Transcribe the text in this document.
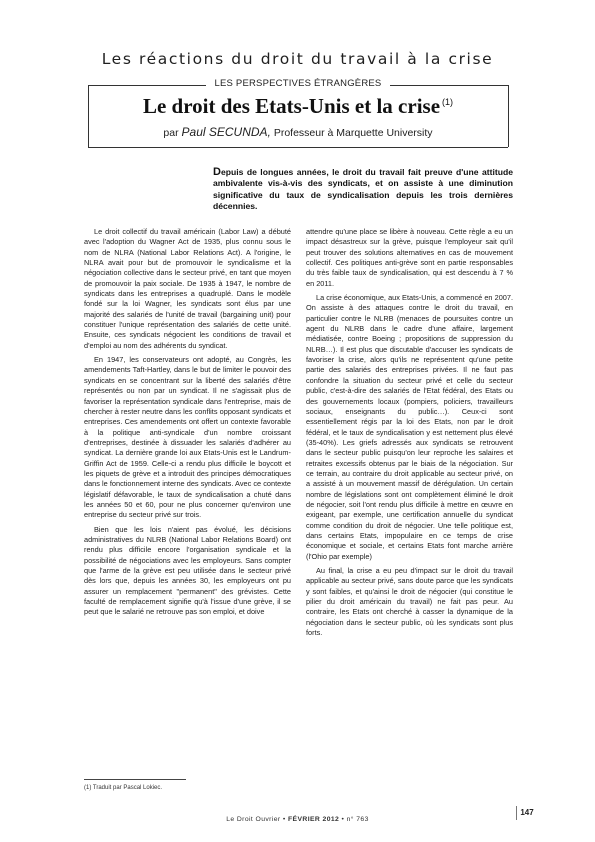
Les réactions du droit du travail à la crise
LES PERSPECTIVES ÉTRANGÈRES
Le droit des Etats-Unis et la crise $^{(1)}$
par Paul SECUNDA, Professeur à Marquette University
Depuis de longues années, le droit du travail fait preuve d'une attitude ambivalente vis-à-vis des syndicats, et on assiste à une diminution significative du taux de syndicalisation depuis les trois dernières décennies.

Le droit collectif du travail américain (Labor Law) a débuté avec l'adoption du Wagner Act de 1935, plus connu sous le nom de NLRA (National Labor Relations Act). A l'origine, le NLRA avait pour but de promouvoir le syndicalisme et la négociation collective dans le secteur privé, en tant que moyen de promouvoir la paix sociale. De 1935 à 1947, le nombre de syndicats dans les entreprises a quadruplé. Dans le modèle fondé sur la loi Wagner, les syndicats sont élus par une majorité des salariés de l'unité de travail (bargaining unit) pour constituer l'unique représentation des salariés de cette unité. Ensuite, ces syndicats négocient les conditions de travail et d'emploi au nom des adhérents du syndicat.

En 1947, les conservateurs ont adopté, au Congrès, les amendements Taft-Hartley, dans le but de limiter le pouvoir des syndicats en se concentrant sur la liberté des salariés d'être représentés ou non par un syndicat. Il ne s'agissait plus de favoriser la représentation syndicale dans l'entreprise, mais de chercher à rester neutre dans les conflits opposant syndicats et entreprises. Ces amendements ont offert un contexte favorable à la politique anti-syndicale d'un nombre croissant d'entreprises, destinée à dissuader les salariés d'adhérer au syndicat. La dernière grande loi aux Etats-Unis est le Landrum-Griffin Act de 1959. Celle-ci a rendu plus difficile le boycott et les piquets de grève et a introduit des principes démocratiques dans le fonctionnement interne des syndicats. Avec ce contexte législatif défavorable, le taux de syndicalisation a chuté dans les années 50 et 60, pour ne plus concerner qu'environ une entreprise du secteur privé sur trois.

Bien que les lois n'aient pas évolué, les décisions administratives du NLRB (National Labor Relations Board) ont rendu plus difficile encore l'organisation syndicale et la possibilité de négociations avec les employeurs. Sans compter que l'arme de la grève est peu utilisée dans le secteur privé dès lors que, depuis les années 30, les employeurs ont pu assurer un remplacement "permanent" des grévistes. Cette faculté de remplacement signifie qu'à l'issue d'une grève, il se peut que le salarié ne retrouve pas son emploi, et doive

attendre qu'une place se libère à nouveau. Cette règle a eu un impact désastreux sur la grève, puisque l'employeur sait qu'il peut trouver des solutions alternatives en cas de mouvement collectif. Ces politiques anti-grève sont en partie responsables du très faible taux de syndicalisation, qui est descendu à 7 % en 2011.

La crise économique, aux Etats-Unis, a commencé en 2007. On assiste à des attaques contre le droit du travail, en particulier contre le NLRB (menaces de poursuites contre un agent du NLRB dans le cadre d'une affaire, largement médiatisée, contre Boeing ; propositions de suppression du NLRB…). Il est plus que discutable d'accuser les syndicats de favoriser la crise, alors qu'ils ne représentent qu'une petite partie des salariés des entreprises privées. Il ne faut pas confondre la situation du secteur privé et celle du secteur public, c'est-à-dire des salariés de l'Etat fédéral, des Etats ou des gouvernements locaux (pompiers, policiers, travailleurs sociaux, enseignants du public…). Ceux-ci sont essentiellement régis par la loi des Etats, non par le droit fédéral, et le taux de syndicalisation y est nettement plus élevé (35-40%). Les griefs adressés aux syndicats se retrouvent dans le secteur public puisqu'on leur reproche les salaires et retraites excessifs obtenus par le biais de la négociation. Sur ce terrain, au contraire du droit applicable au secteur privé, on a assisté à un mouvement massif de dérégulation. Un certain nombre de législations sont ont complètement éliminé le droit de négocier, soit l'ont rendu plus difficile à mettre en œuvre en exigeant, par exemple, une certification annuelle du syndicat comme condition du droit de négocier. Une telle politique est, dans certains Etats, impopulaire en ce temps de crise économique et sociale, et certains Etats font marche arrière (l'Ohio par exemple)

Au final, la crise a eu peu d'impact sur le droit du travail applicable au secteur privé, sans doute parce que les syndicats y sont faibles, et qu'ainsi le droit de négocier (qui constitue le pilier du droit américain du travail) ne fait pas peur. Au contraire, les Etats ont cherché à casser la dynamique de la négociation dans le secteur public, où les syndicats sont plus forts.

(1) Traduit par Pascal Lokiec.
Le Droit Ouvrier • FÉVRIER 2012 • n° 763
147
